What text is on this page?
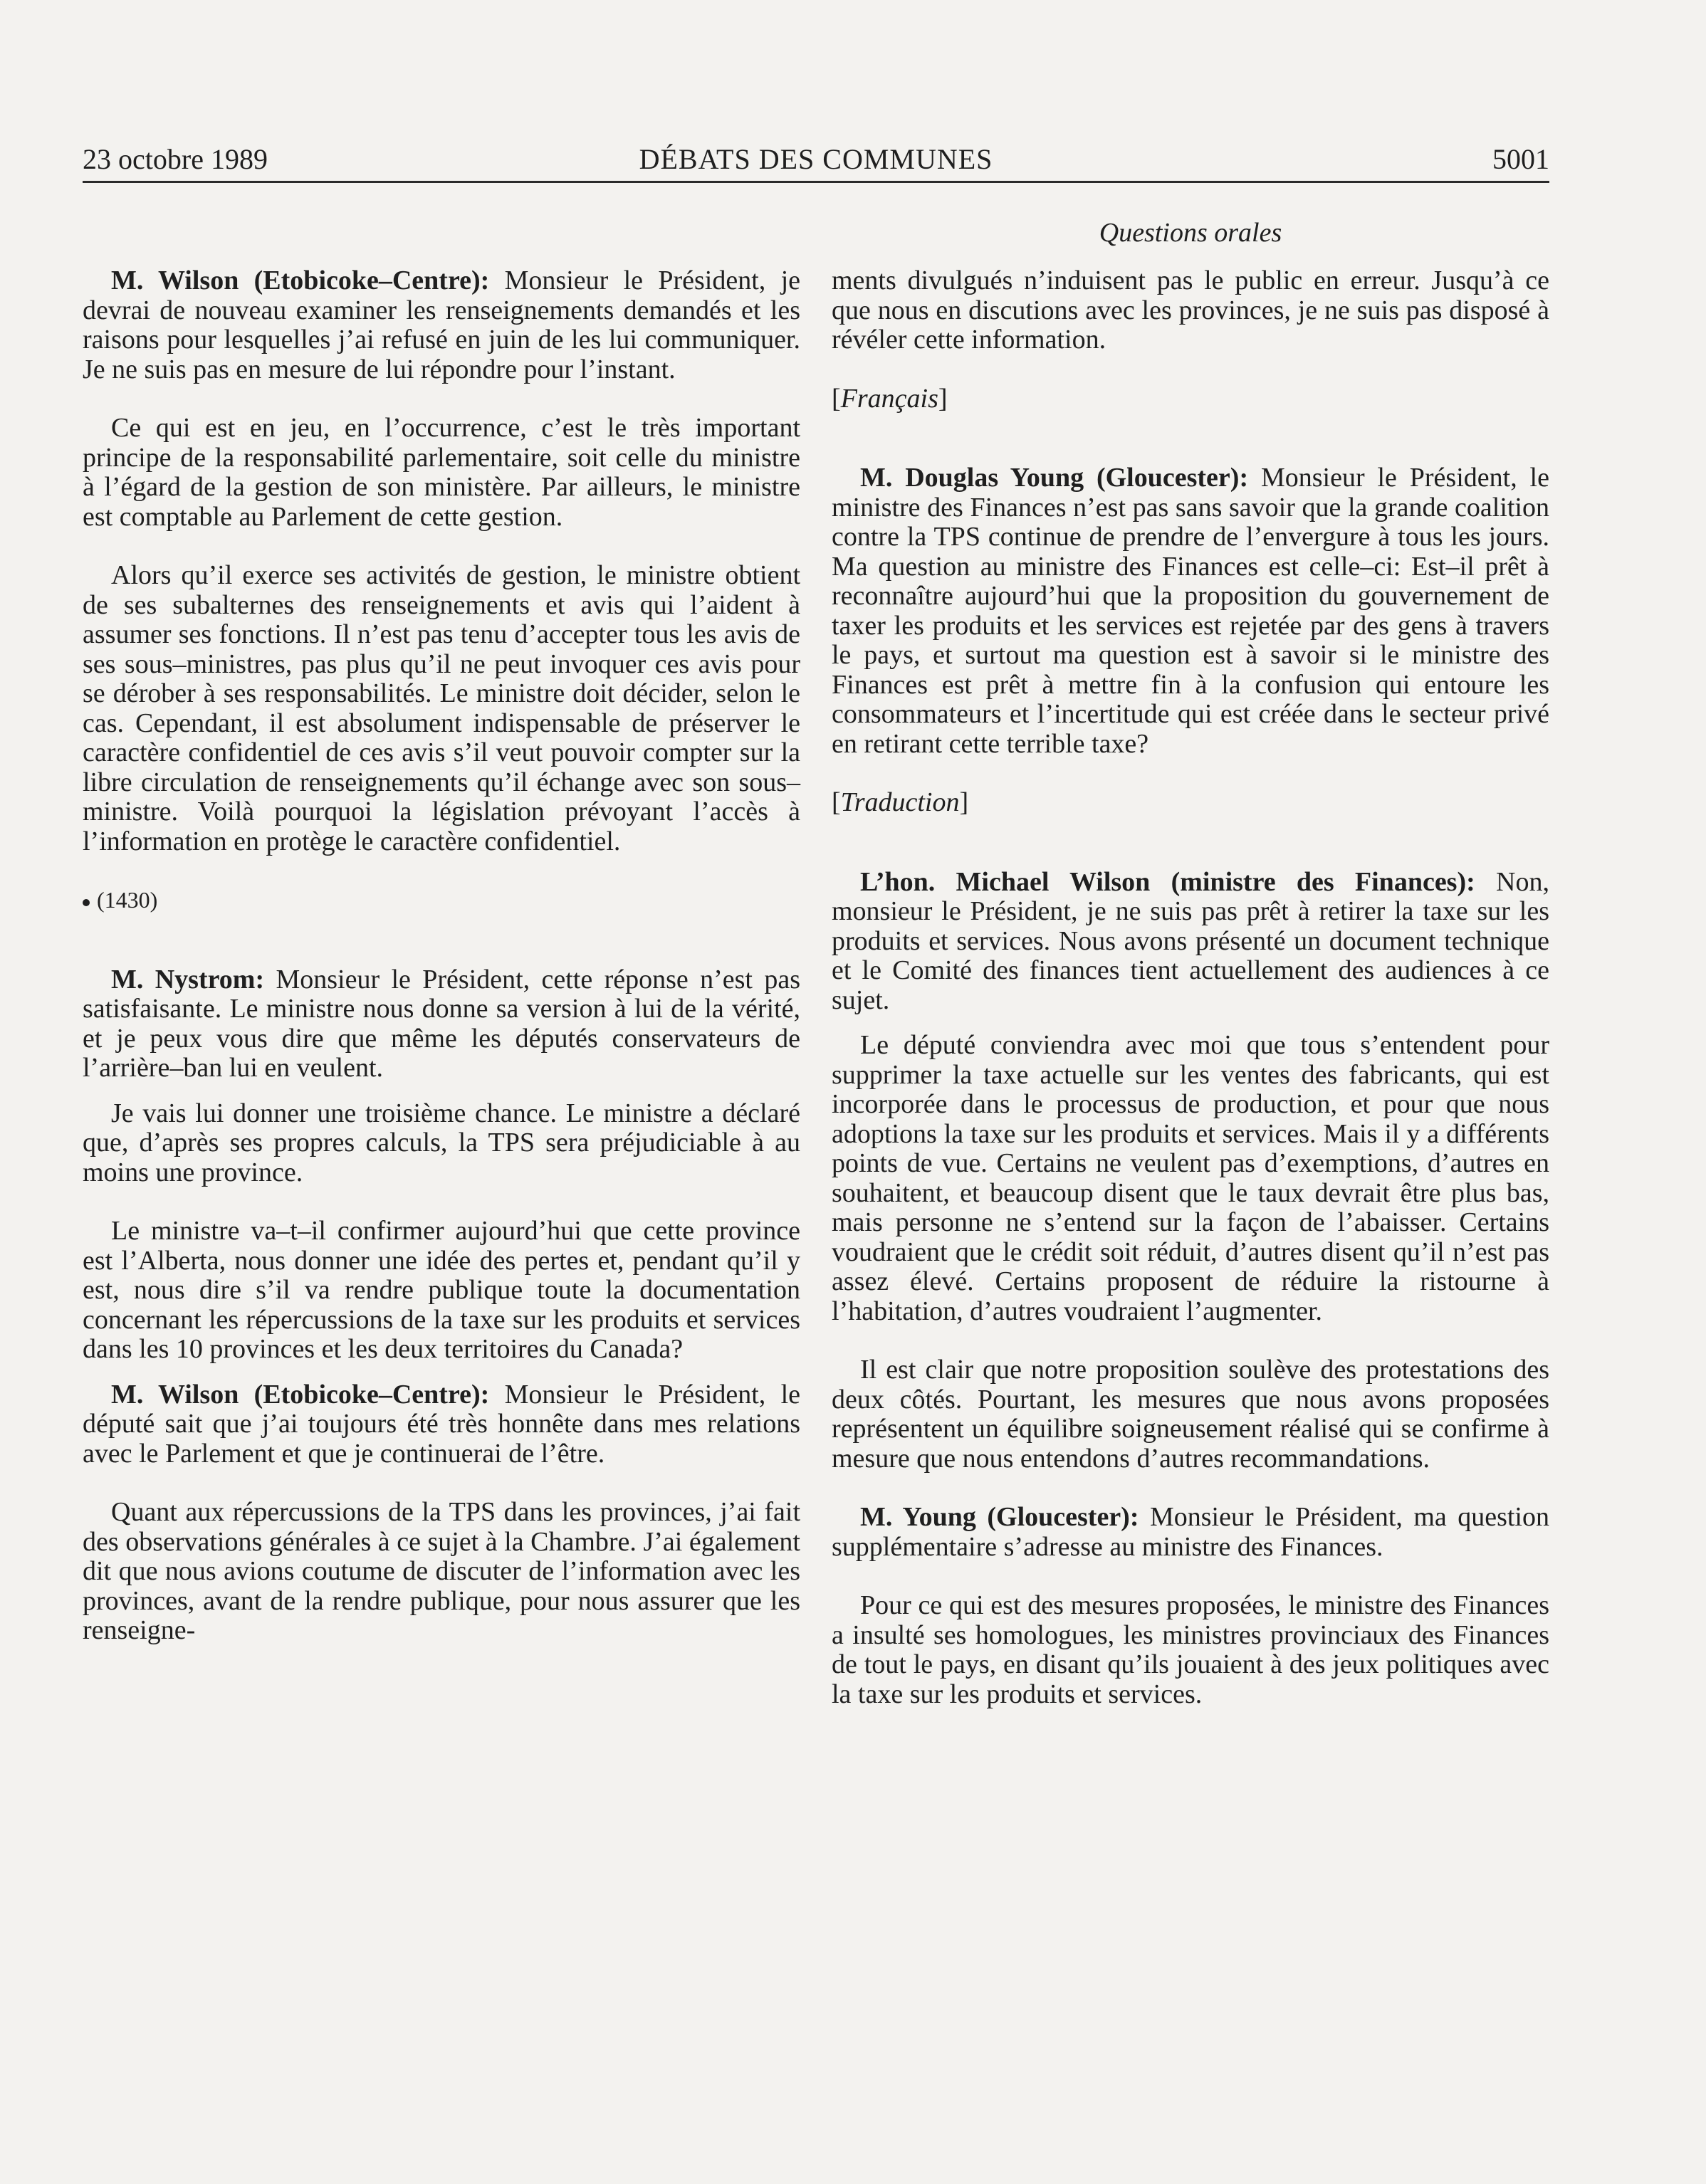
23 octobre 1989	DÉBATS DES COMMUNES	5001
Questions orales

M. Wilson (Etobicoke–Centre): Monsieur le Président, je devrai de nouveau examiner les renseignements demandés et les raisons pour lesquelles j’ai refusé en juin de les lui communiquer. Je ne suis pas en mesure de lui répondre pour l’instant.

Ce qui est en jeu, en l’occurrence, c’est le très important principe de la responsabilité parlementaire, soit celle du ministre à l’égard de la gestion de son ministère. Par ailleurs, le ministre est comptable au Parlement de cette gestion.

Alors qu’il exerce ses activités de gestion, le ministre obtient de ses subalternes des renseignements et avis qui l’aident à assumer ses fonctions. Il n’est pas tenu d’accepter tous les avis de ses sous–ministres, pas plus qu’il ne peut invoquer ces avis pour se dérober à ses responsabilités. Le ministre doit décider, selon le cas. Cependant, il est absolument indispensable de préserver le caractère confidentiel de ces avis s’il veut pouvoir compter sur la libre circulation de renseignements qu’il échange avec son sous–ministre. Voilà pourquoi la législation prévoyant l’accès à l’information en protège le caractère confidentiel.

(1430)

M. Nystrom: Monsieur le Président, cette réponse n’est pas satisfaisante. Le ministre nous donne sa version à lui de la vérité, et je peux vous dire que même les députés conservateurs de l’arrière–ban lui en veulent.

Je vais lui donner une troisième chance. Le ministre a déclaré que, d’après ses propres calculs, la TPS sera préjudiciable à au moins une province.

Le ministre va–t–il confirmer aujourd’hui que cette province est l’Alberta, nous donner une idée des pertes et, pendant qu’il y est, nous dire s’il va rendre publique toute la documentation concernant les répercussions de la taxe sur les produits et services dans les 10 provinces et les deux territoires du Canada?

M. Wilson (Etobicoke–Centre): Monsieur le Président, le député sait que j’ai toujours été très honnête dans mes relations avec le Parlement et que je continuerai de l’être.

Quant aux répercussions de la TPS dans les provinces, j’ai fait des observations générales à ce sujet à la Chambre. J’ai également dit que nous avions coutume de discuter de l’information avec les provinces, avant de la rendre publique, pour nous assurer que les renseigne-

ments divulgués n’induisent pas le public en erreur. Jusqu’à ce que nous en discutions avec les provinces, je ne suis pas disposé à révéler cette information.

[Français]

M. Douglas Young (Gloucester): Monsieur le Président, le ministre des Finances n’est pas sans savoir que la grande coalition contre la TPS continue de prendre de l’envergure à tous les jours. Ma question au ministre des Finances est celle–ci: Est–il prêt à reconnaître aujourd’hui que la proposition du gouvernement de taxer les produits et les services est rejetée par des gens à travers le pays, et surtout ma question est à savoir si le ministre des Finances est prêt à mettre fin à la confusion qui entoure les consommateurs et l’incertitude qui est créée dans le secteur privé en retirant cette terrible taxe?

[Traduction]

L’hon. Michael Wilson (ministre des Finances): Non, monsieur le Président, je ne suis pas prêt à retirer la taxe sur les produits et services. Nous avons présenté un document technique et le Comité des finances tient actuellement des audiences à ce sujet.

Le député conviendra avec moi que tous s’entendent pour supprimer la taxe actuelle sur les ventes des fabricants, qui est incorporée dans le processus de production, et pour que nous adoptions la taxe sur les produits et services. Mais il y a différents points de vue. Certains ne veulent pas d’exemptions, d’autres en souhaitent, et beaucoup disent que le taux devrait être plus bas, mais personne ne s’entend sur la façon de l’abaisser. Certains voudraient que le crédit soit réduit, d’autres disent qu’il n’est pas assez élevé. Certains proposent de réduire la ristourne à l’habitation, d’autres voudraient l’augmenter.

Il est clair que notre proposition soulève des protestations des deux côtés. Pourtant, les mesures que nous avons proposées représentent un équilibre soigneusement réalisé qui se confirme à mesure que nous entendons d’autres recommandations.

M. Young (Gloucester): Monsieur le Président, ma question supplémentaire s’adresse au ministre des Finances.

Pour ce qui est des mesures proposées, le ministre des Finances a insulté ses homologues, les ministres provinciaux des Finances de tout le pays, en disant qu’ils jouaient à des jeux politiques avec la taxe sur les produits et services.
